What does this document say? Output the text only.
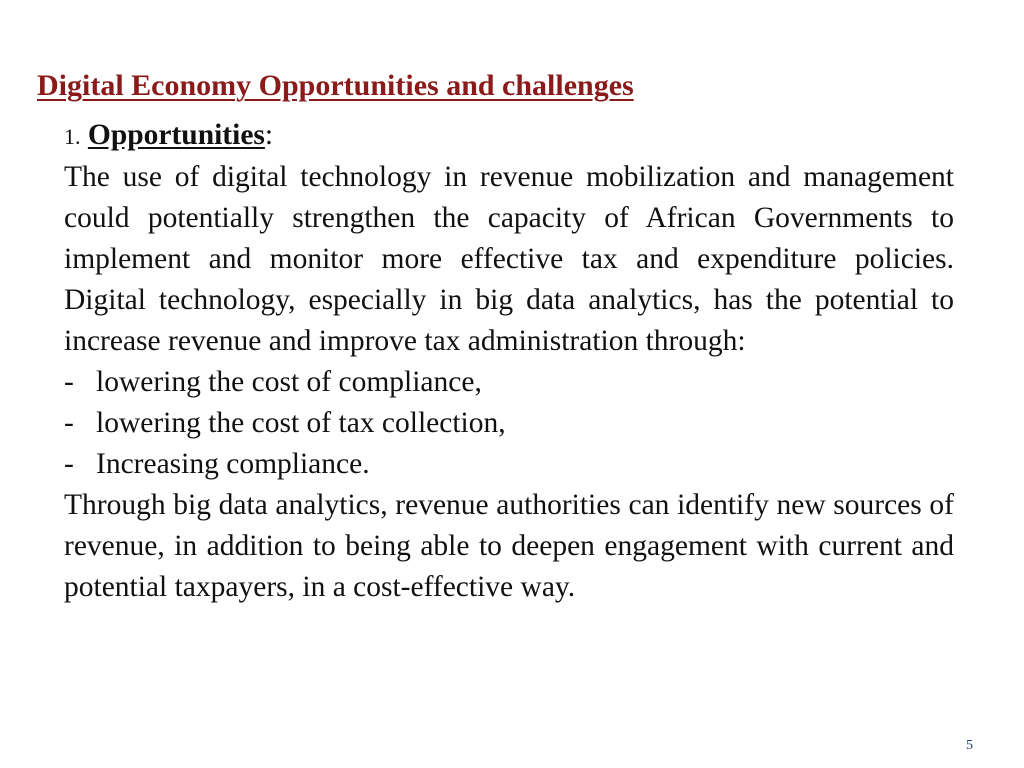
Digital Economy Opportunities and challenges
1. Opportunities:

The use of digital technology in revenue mobilization and management could potentially strengthen the capacity of African Governments to implement and monitor more effective tax and expenditure policies. Digital technology, especially in big data analytics, has the potential to increase revenue and improve tax administration through:

- lowering the cost of compliance,
- lowering the cost of tax collection,
- Increasing compliance.

Through big data analytics, revenue authorities can identify new sources of revenue, in addition to being able to deepen engagement with current and potential taxpayers, in a cost-effective way.

5
